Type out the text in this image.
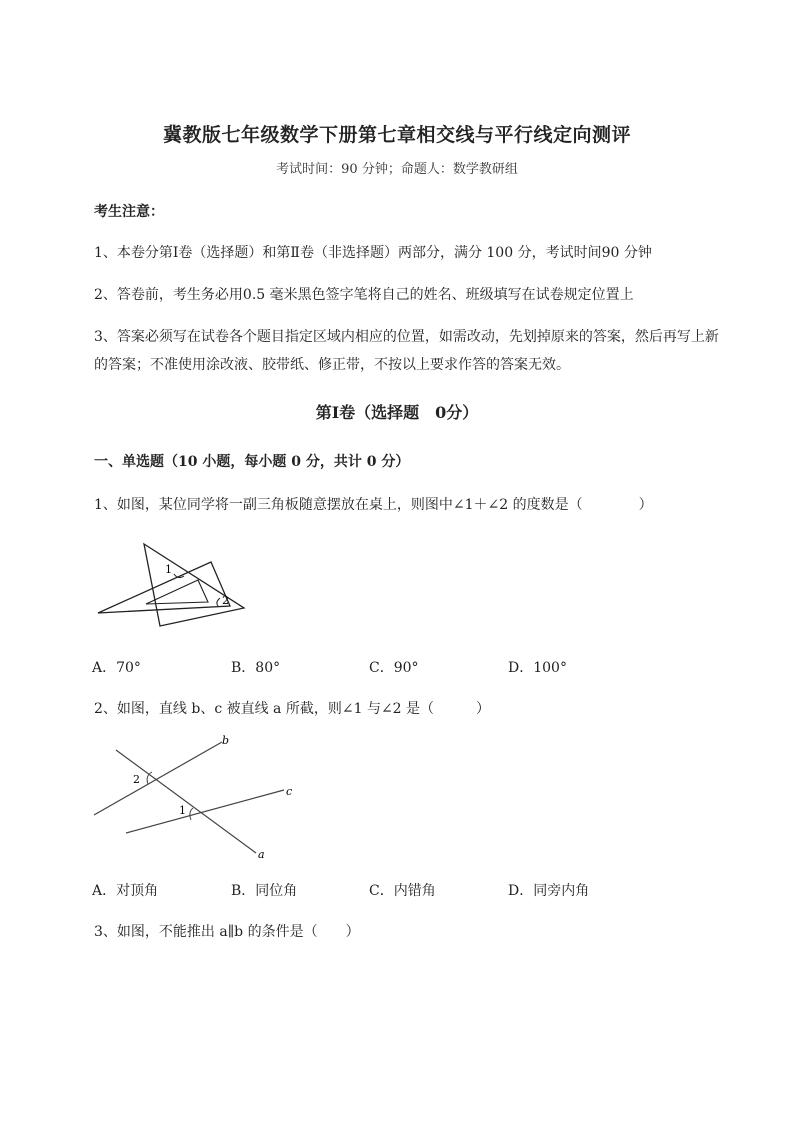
冀教版七年级数学下册第七章相交线与平行线定向测评
考试时间：90 分钟；命题人：数学教研组
考生注意：
1、本卷分第Ⅰ卷（选择题）和第Ⅱ卷（非选择题）两部分，满分 100 分，考试时间90 分钟
2、答卷前，考生务必用0.5 毫米黑色签字笔将自己的姓名、班级填写在试卷规定位置上
3、答案必须写在试卷各个题目指定区域内相应的位置，如需改动，先划掉原来的答案，然后再写上新
的答案；不准使用涂改液、胶带纸、修正带，不按以上要求作答的答案无效。
第Ⅰ卷（选择题　0分）
一、单选题（10 小题，每小题 0 分，共计 0 分）
1、如图，某位同学将一副三角板随意摆放在桌上，则图中∠1＋∠2 的度数是（　　　　）
1
2
A．70°	B．80°	C．90°	D．100°
2、如图，直线 b、c 被直线 a 所截，则∠1 与∠2 是（　　　）
b
c
a
1
2
A．对顶角	B．同位角	C．内错角	D．同旁内角
3、如图，不能推出 a∥b 的条件是（　　）
